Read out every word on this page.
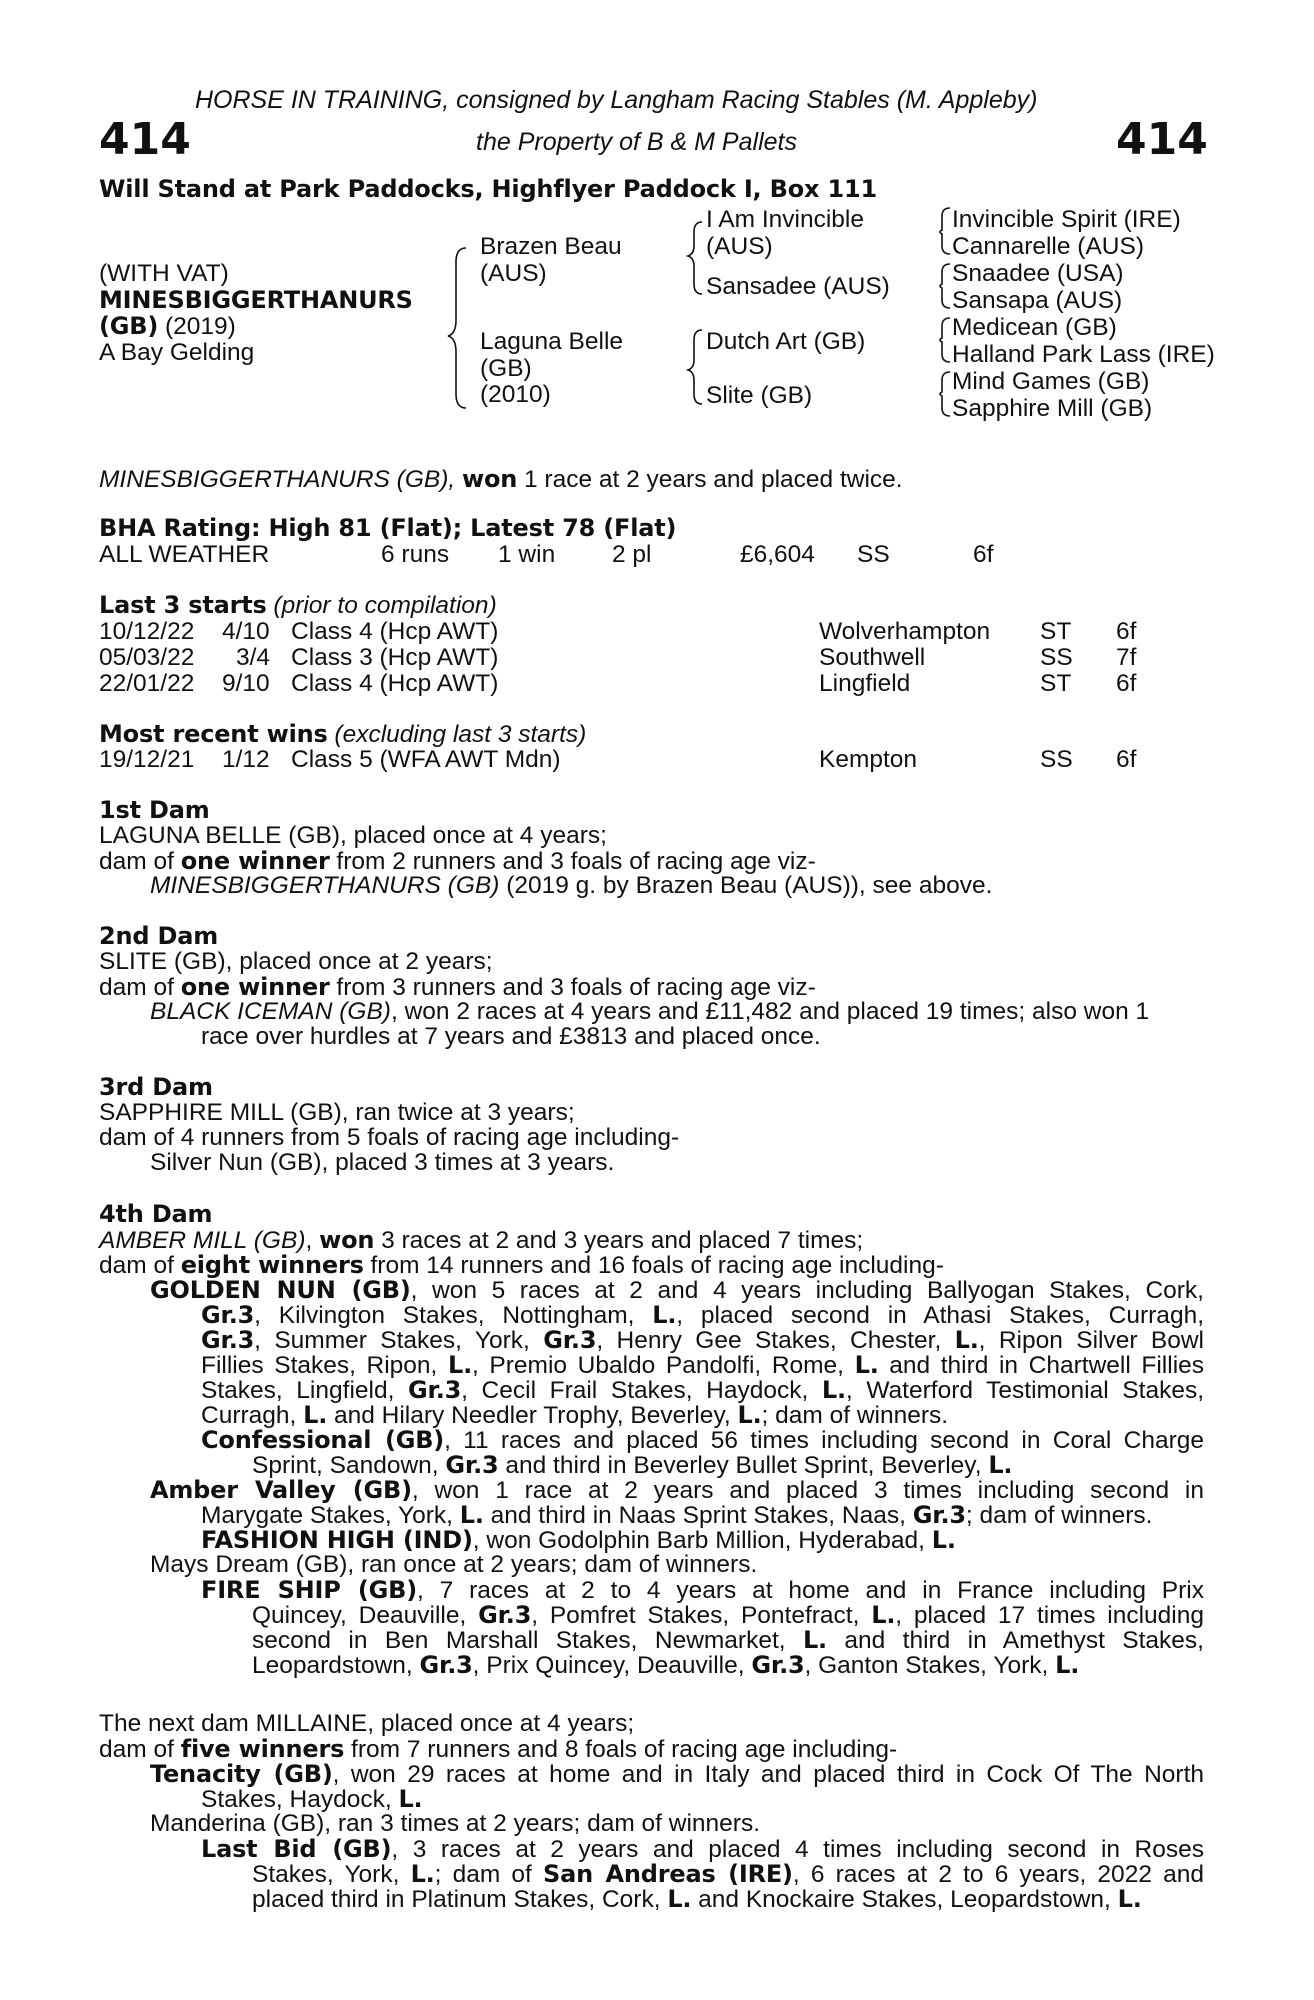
HORSE IN TRAINING, consigned by Langham Racing Stables (M. Appleby)
414	the Property of B & M Pallets	414
Will Stand at Park Paddocks, Highflyer Paddock I, Box 111
(WITH VAT)
MINESBIGGERTHANURS
(GB) (2019)
A Bay Gelding
Brazen Beau
(AUS)
Laguna Belle
(GB)
(2010)
I Am Invincible
(AUS)
Sansadee (AUS)
Dutch Art (GB)
Slite (GB)
Invincible Spirit (IRE)
Cannarelle (AUS)
Snaadee (USA)
Sansapa (AUS)
Medicean (GB)
Halland Park Lass (IRE)
Mind Games (GB)
Sapphire Mill (GB)
MINESBIGGERTHANURS (GB), won 1 race at 2 years and placed twice.
BHA Rating: High 81 (Flat); Latest 78 (Flat)
ALL WEATHER	6 runs 1 win 2 pl	£6,604 SS	6f
Last 3 starts (prior to compilation)
10/12/22 4/10 Class 4 (Hcp AWT)	Wolverhampton ST 6f
05/03/22 3/4 Class 3 (Hcp AWT)	Southwell	SS 7f
22/01/22 9/10 Class 4 (Hcp AWT)	Lingfield	ST 6f
Most recent wins (excluding last 3 starts)
19/12/21 1/12 Class 5 (WFA AWT Mdn)	Kempton	SS 6f
1st Dam
LAGUNA BELLE (GB), placed once at 4 years;
dam of one winner from 2 runners and 3 foals of racing age viz-
MINESBIGGERTHANURS (GB) (2019 g. by Brazen Beau (AUS)), see above.
2nd Dam
SLITE (GB), placed once at 2 years;
dam of one winner from 3 runners and 3 foals of racing age viz-
BLACK ICEMAN (GB), won 2 races at 4 years and £11,482 and placed 19 times; also won 1
race over hurdles at 7 years and £3813 and placed once.
3rd Dam
SAPPHIRE MILL (GB), ran twice at 3 years;
dam of 4 runners from 5 foals of racing age including-
Silver Nun (GB), placed 3 times at 3 years.
4th Dam
AMBER MILL (GB), won 3 races at 2 and 3 years and placed 7 times;
dam of eight winners from 14 runners and 16 foals of racing age including-
GOLDEN NUN (GB), won 5 races at 2 and 4 years including Ballyogan Stakes, Cork,
Gr.3, Kilvington Stakes, Nottingham, L., placed second in Athasi Stakes, Curragh,
Gr.3, Summer Stakes, York, Gr.3, Henry Gee Stakes, Chester, L., Ripon Silver Bowl
Fillies Stakes, Ripon, L., Premio Ubaldo Pandolfi, Rome, L. and third in Chartwell Fillies
Stakes, Lingfield, Gr.3, Cecil Frail Stakes, Haydock, L., Waterford Testimonial Stakes,
Curragh, L. and Hilary Needler Trophy, Beverley, L.; dam of winners.
Confessional (GB), 11 races and placed 56 times including second in Coral Charge
Sprint, Sandown, Gr.3 and third in Beverley Bullet Sprint, Beverley, L.
Amber Valley (GB), won 1 race at 2 years and placed 3 times including second in
Marygate Stakes, York, L. and third in Naas Sprint Stakes, Naas, Gr.3; dam of winners.
FASHION HIGH (IND), won Godolphin Barb Million, Hyderabad, L.
Mays Dream (GB), ran once at 2 years; dam of winners.
FIRE SHIP (GB), 7 races at 2 to 4 years at home and in France including Prix
Quincey, Deauville, Gr.3, Pomfret Stakes, Pontefract, L., placed 17 times including
second in Ben Marshall Stakes, Newmarket, L. and third in Amethyst Stakes,
Leopardstown, Gr.3, Prix Quincey, Deauville, Gr.3, Ganton Stakes, York, L.
The next dam MILLAINE, placed once at 4 years;
dam of five winners from 7 runners and 8 foals of racing age including-
Tenacity (GB), won 29 races at home and in Italy and placed third in Cock Of The North
Stakes, Haydock, L.
Manderina (GB), ran 3 times at 2 years; dam of winners.
Last Bid (GB), 3 races at 2 years and placed 4 times including second in Roses
Stakes, York, L.; dam of San Andreas (IRE), 6 races at 2 to 6 years, 2022 and
placed third in Platinum Stakes, Cork, L. and Knockaire Stakes, Leopardstown, L.
